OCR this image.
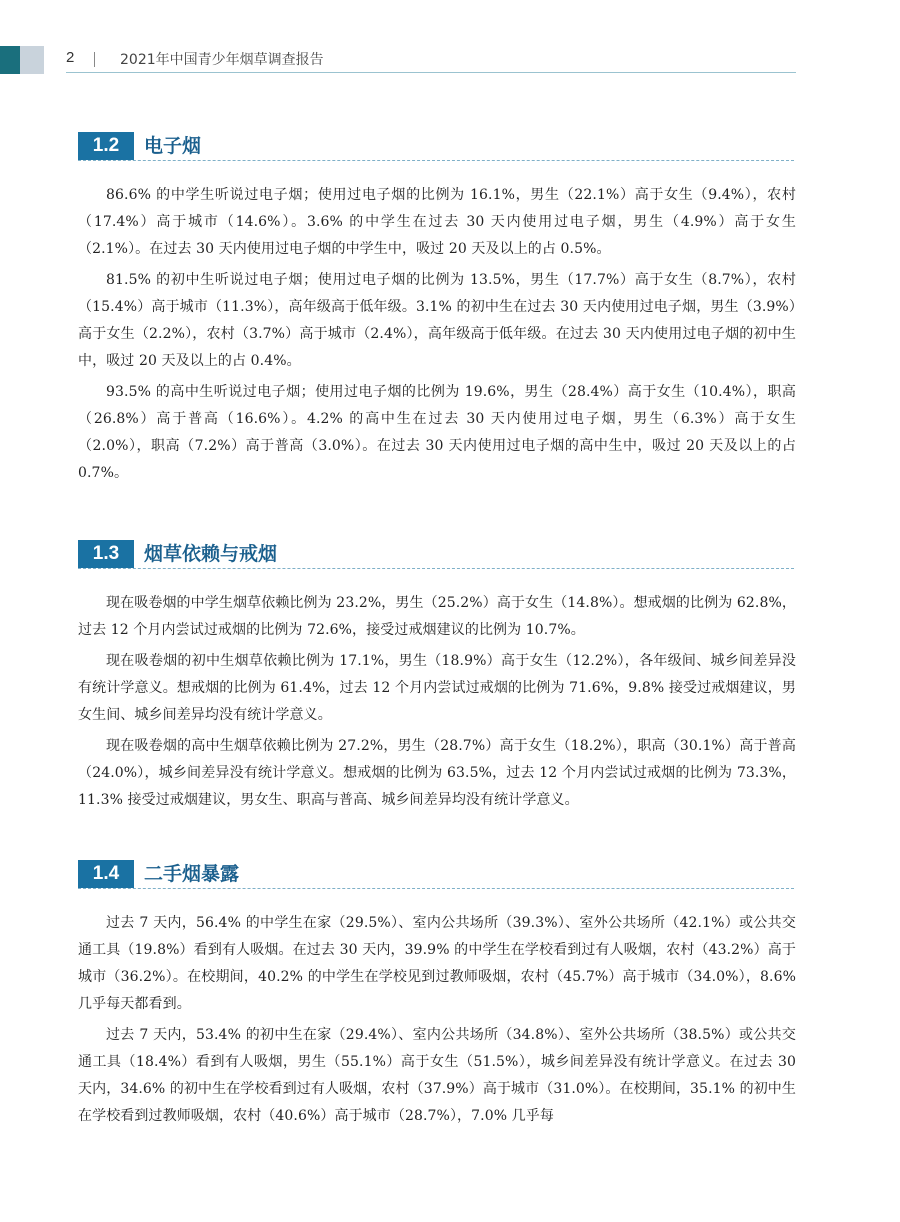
2	2021年中国青少年烟草调查报告
1.2	电子烟

86.6% 的中学生听说过电子烟；使用过电子烟的比例为 16.1%，男生（22.1%）高于女生（9.4%），农村（17.4%）高于城市（14.6%）。3.6% 的中学生在过去 30 天内使用过电子烟，男生（4.9%）高于女生（2.1%）。在过去 30 天内使用过电子烟的中学生中，吸过 20 天及以上的占 0.5%。

81.5% 的初中生听说过电子烟；使用过电子烟的比例为 13.5%，男生（17.7%）高于女生（8.7%），农村（15.4%）高于城市（11.3%），高年级高于低年级。3.1% 的初中生在过去 30 天内使用过电子烟，男生（3.9%）高于女生（2.2%），农村（3.7%）高于城市（2.4%），高年级高于低年级。在过去 30 天内使用过电子烟的初中生中，吸过 20 天及以上的占 0.4%。

93.5% 的高中生听说过电子烟；使用过电子烟的比例为 19.6%，男生（28.4%）高于女生（10.4%），职高（26.8%）高于普高（16.6%）。4.2% 的高中生在过去 30 天内使用过电子烟，男生（6.3%）高于女生（2.0%），职高（7.2%）高于普高（3.0%）。在过去 30 天内使用过电子烟的高中生中，吸过 20 天及以上的占 0.7%。

1.3	烟草依赖与戒烟

现在吸卷烟的中学生烟草依赖比例为 23.2%，男生（25.2%）高于女生（14.8%）。想戒烟的比例为 62.8%，过去 12 个月内尝试过戒烟的比例为 72.6%，接受过戒烟建议的比例为 10.7%。

现在吸卷烟的初中生烟草依赖比例为 17.1%，男生（18.9%）高于女生（12.2%），各年级间、城乡间差异没有统计学意义。想戒烟的比例为 61.4%，过去 12 个月内尝试过戒烟的比例为 71.6%，9.8% 接受过戒烟建议，男女生间、城乡间差异均没有统计学意义。

现在吸卷烟的高中生烟草依赖比例为 27.2%，男生（28.7%）高于女生（18.2%），职高（30.1%）高于普高（24.0%），城乡间差异没有统计学意义。想戒烟的比例为 63.5%，过去 12 个月内尝试过戒烟的比例为 73.3%，11.3% 接受过戒烟建议，男女生、职高与普高、城乡间差异均没有统计学意义。

1.4	二手烟暴露

过去 7 天内，56.4% 的中学生在家（29.5%）、室内公共场所（39.3%）、室外公共场所（42.1%）或公共交通工具（19.8%）看到有人吸烟。在过去 30 天内，39.9% 的中学生在学校看到过有人吸烟，农村（43.2%）高于城市（36.2%）。在校期间，40.2% 的中学生在学校见到过教师吸烟，农村（45.7%）高于城市（34.0%），8.6% 几乎每天都看到。

过去 7 天内，53.4% 的初中生在家（29.4%）、室内公共场所（34.8%）、室外公共场所（38.5%）或公共交通工具（18.4%）看到有人吸烟，男生（55.1%）高于女生（51.5%），城乡间差异没有统计学意义。在过去 30 天内，34.6% 的初中生在学校看到过有人吸烟，农村（37.9%）高于城市（31.0%）。在校期间，35.1% 的初中生在学校看到过教师吸烟，农村（40.6%）高于城市（28.7%），7.0% 几乎每
